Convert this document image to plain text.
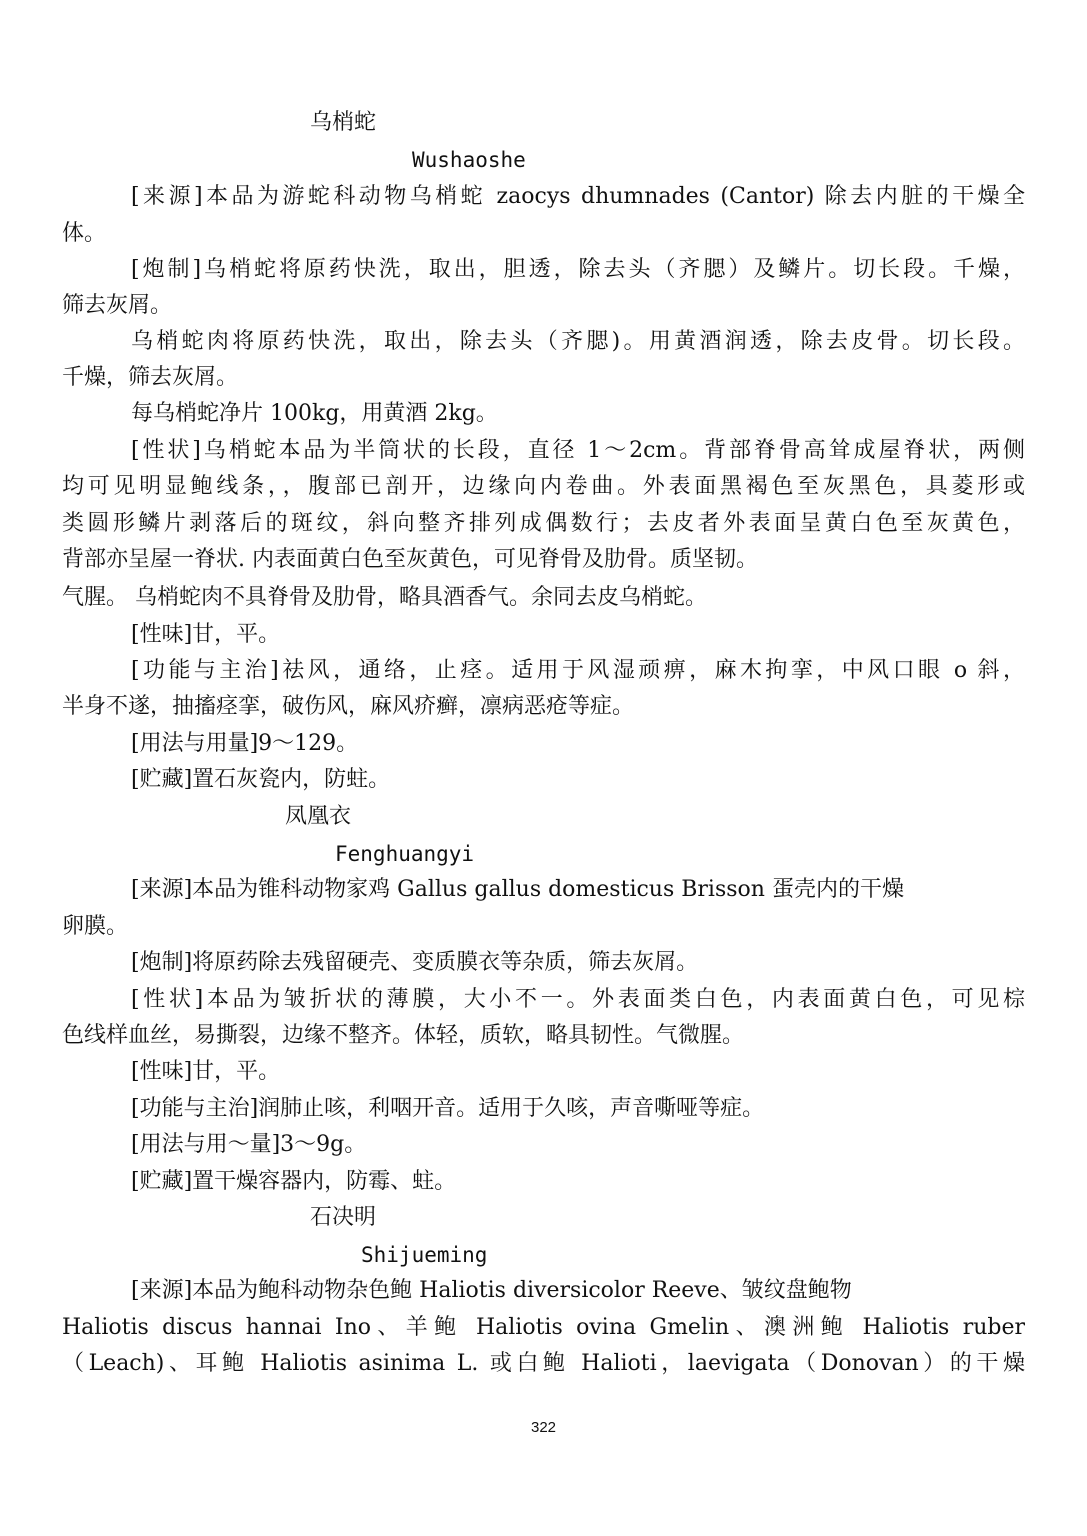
乌梢蛇
Wushaoshe
[来源]本品为游蛇科动物乌梢蛇 zaocys dhumnades (Cantor) 除去内脏的干燥全
体。
[炮制]乌梢蛇将原药快洗，取出，胆透，除去头（齐腮）及鳞片。切长段。千燥，
筛去灰屑。
乌梢蛇肉将原药快洗，取出，除去头（齐腮)。用黄酒润透，除去皮骨。切长段。
千燥，筛去灰屑。
每乌梢蛇净片 100kg，用黄酒 2kg。
[性状]乌梢蛇本品为半筒状的长段，直径 1～2cm。背部脊骨高耸成屋脊状，两侧
均可见明显鲍线条，，腹部已剖开，边缘向内卷曲。外表面黑褐色至灰黑色，具菱形或
类圆形鳞片剥落后的斑纹，斜向整齐排列成偶数行；去皮者外表面呈黄白色至灰黄色，
背部亦呈屋一脊状. 内表面黄白色至灰黄色，可见脊骨及肋骨。质坚韧。
气腥。 乌梢蛇肉不具脊骨及肋骨，略具酒香气。余同去皮乌梢蛇。
[性味]甘，平。
[功能与主治]祛风，通络，止痉。适用于风湿顽痹，麻木拘挛，中风口眼 o 斜，
半身不遂，抽搐痉挛，破伤风，麻风疥癣，凛病恶疮等症。
[用法与用量]9～129。
[贮藏]置石灰瓷内，防蛀。
凤凰衣
Fenghuangyi
[来源]本品为锥科动物家鸡 Gallus gallus domesticus Brisson 蛋壳内的干燥
卵膜。
[炮制]将原药除去残留硬壳、变质膜衣等杂质，筛去灰屑。
[性状]本品为皱折状的薄膜，大小不一。外表面类白色，内表面黄白色，可见棕
色线样血丝，易撕裂，边缘不整齐。体轻，质软，略具韧性。气微腥。
[性味]甘，平。
[功能与主治]润肺止咳，利咽开音。适用于久咳，声音嘶哑等症。
[用法与用～量]3～9g。
[贮藏]置干燥容器内，防霉、蛀。
石决明
Shijueming
[来源]本品为鲍科动物杂色鲍 Haliotis diversicolor Reeve、皱纹盘鲍物
Haliotis discus hannai Ino、羊鲍 Haliotis ovina Gmelin、澳洲鲍 Haliotis ruber
（Leach)、耳鲍 Haliotis asinima L. 或白鲍 Halioti，laevigata（Donovan）的干燥
322
